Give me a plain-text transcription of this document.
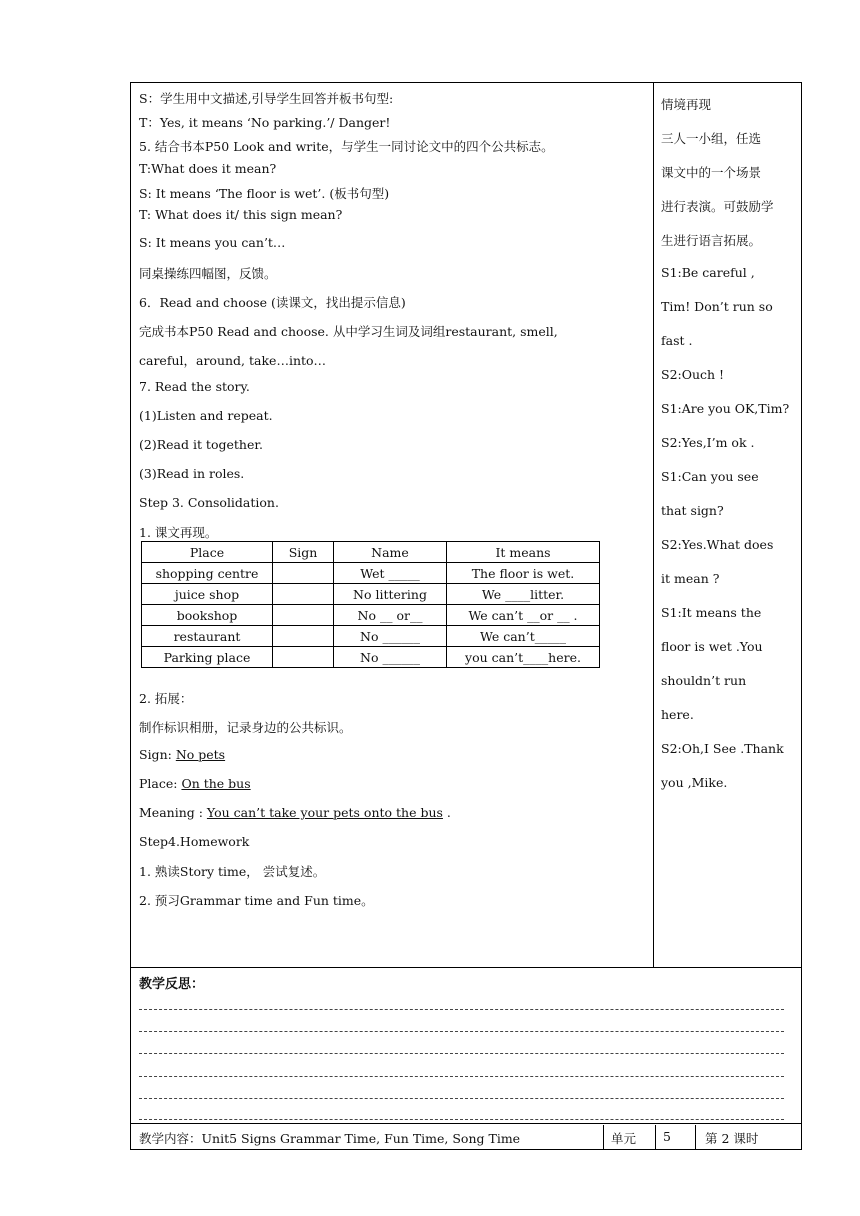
S：学生用中文描述,引导学生回答并板书句型:
T：Yes, it means ‘No parking.’/ Danger!
5. 结合书本P50 Look and write，与学生一同讨论文中的四个公共标志。
T:What does it mean?
S: It means ‘The floor is wet’. (板书句型)
T: What does it/ this sign mean?
S: It means you can’t…
同桌操练四幅图，反馈。
6．Read and choose (读课文，找出提示信息)
完成书本P50 Read and choose. 从中学习生词及词组restaurant, smell,
careful，around, take…into…
7. Read the story.
(1)Listen and repeat.
(2)Read it together.
(3)Read in roles.
Step 3. Consolidation.
1. 课文再现。
2. 拓展：
制作标识相册，记录身边的公共标识。
Sign: No pets
Place: On the bus
Meaning : You can’t take your pets onto the bus .
Step4.Homework
1. 熟读Story time， 尝试复述。
2. 预习Grammar time and Fun time。
Place	Sign	Name	It means
shopping centre		Wet _____	The floor is wet.
juice shop		No littering	We ____litter.
bookshop		No __ or__	We can’t __or __ .
restaurant		No ______	We can’t_____
Parking place		No ______	you can’t____here.
情境再现
三人一小组，任选
课文中的一个场景
进行表演。可鼓励学
生进行语言拓展。
S1:Be careful ,
Tim! Don’t run so
fast .
S2:Ouch !
S1:Are you OK,Tim?
S2:Yes,I’m ok .
S1:Can you see
that sign?
S2:Yes.What does
it mean ?
S1:It means the
floor is wet .You
shouldn’t run
here.
S2:Oh,I See .Thank
you ,Mike.
教学反思：
教学内容：Unit5 Signs Grammar Time, Fun Time, Song Time	单元 5	第 2 课时
